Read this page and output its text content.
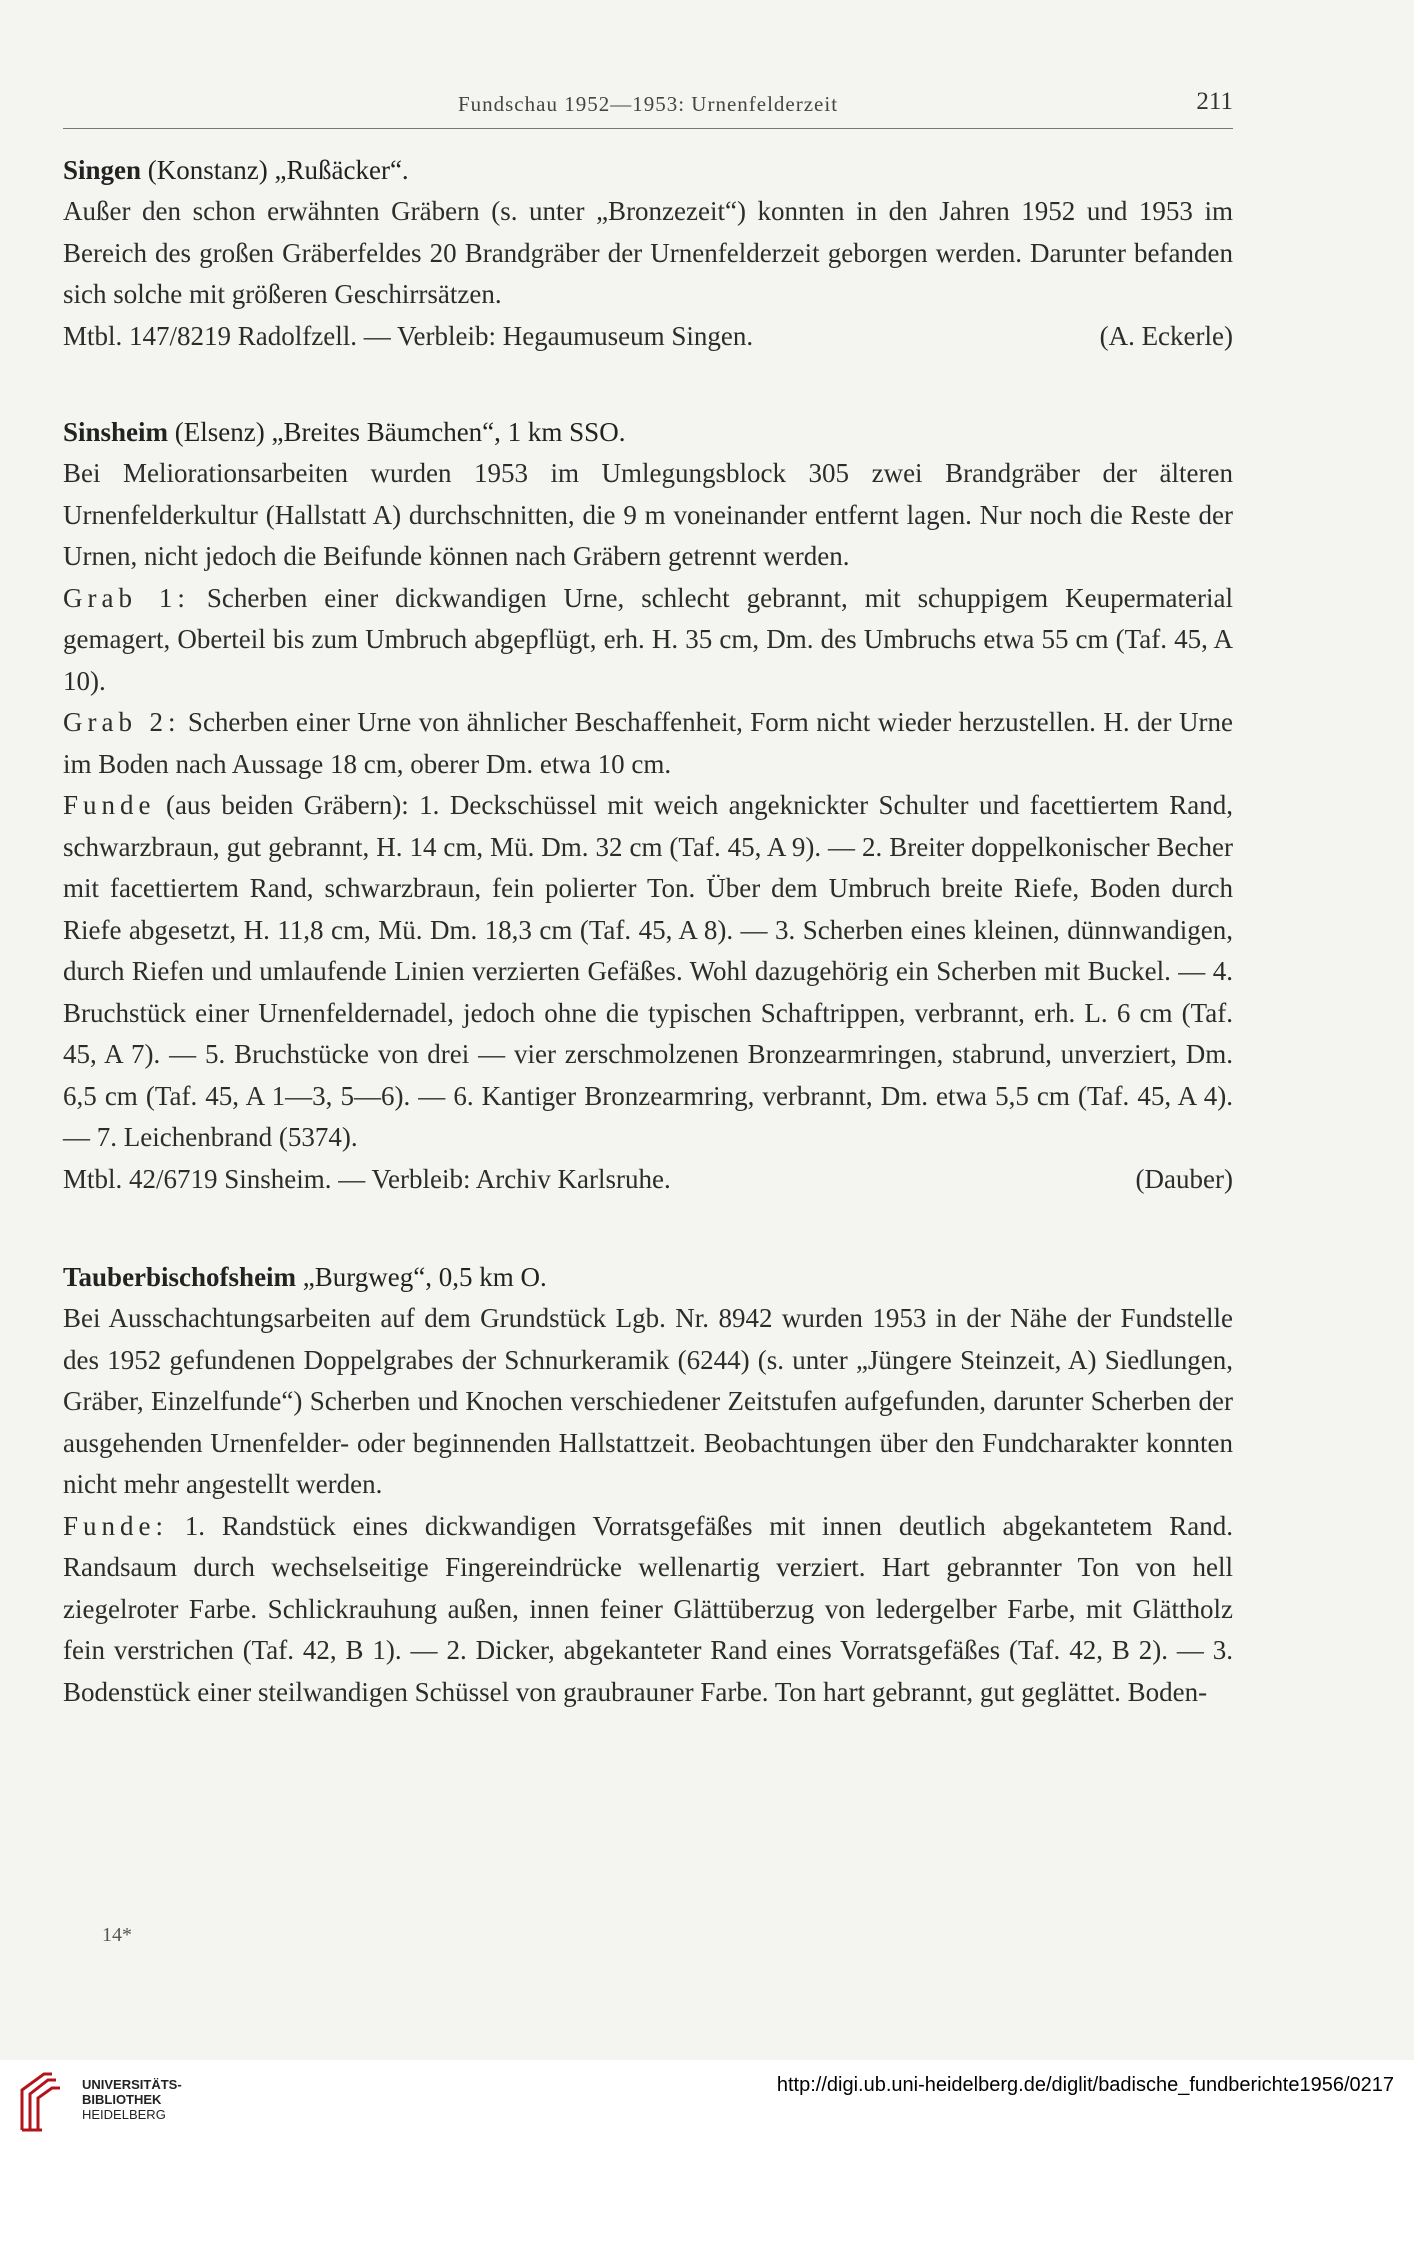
Fundschau 1952—1953: Urnenfelderzeit	211

Singen (Konstanz) „Rußäcker“.

Außer den schon erwähnten Gräbern (s. unter „Bronzezeit“) konnten in den Jahren 1952 und 1953 im Bereich des großen Gräberfeldes 20 Brandgräber der Urnenfelderzeit geborgen werden. Darunter befanden sich solche mit größeren Geschirrsätzen.

Mtbl. 147/8219 Radolfzell. — Verbleib: Hegaumuseum Singen.	(A. Eckerle)

Sinsheim (Elsenz) „Breites Bäumchen“, 1 km SSO.

Bei Meliorationsarbeiten wurden 1953 im Umlegungsblock 305 zwei Brandgräber der älteren Urnenfelderkultur (Hallstatt A) durchschnitten, die 9 m voneinander entfernt lagen. Nur noch die Reste der Urnen, nicht jedoch die Beifunde können nach Gräbern getrennt werden.

Grab 1: Scherben einer dickwandigen Urne, schlecht gebrannt, mit schuppigem Keupermaterial gemagert, Oberteil bis zum Umbruch abgepflügt, erh. H. 35 cm, Dm. des Umbruchs etwa 55 cm (Taf. 45, A 10).

Grab 2: Scherben einer Urne von ähnlicher Beschaffenheit, Form nicht wieder herzustellen. H. der Urne im Boden nach Aussage 18 cm, oberer Dm. etwa 10 cm.

Funde (aus beiden Gräbern): 1. Deckschüssel mit weich angeknickter Schulter und facettiertem Rand, schwarzbraun, gut gebrannt, H. 14 cm, Mü. Dm. 32 cm (Taf. 45, A 9). — 2. Breiter doppelkonischer Becher mit facettiertem Rand, schwarzbraun, fein polierter Ton. Über dem Umbruch breite Riefe, Boden durch Riefe abgesetzt, H. 11,8 cm, Mü. Dm. 18,3 cm (Taf. 45, A 8). — 3. Scherben eines kleinen, dünnwandigen, durch Riefen und umlaufende Linien verzierten Gefäßes. Wohl dazugehörig ein Scherben mit Buckel. — 4. Bruchstück einer Urnenfeldernadel, jedoch ohne die typischen Schaftrippen, verbrannt, erh. L. 6 cm (Taf. 45, A 7). — 5. Bruchstücke von drei — vier zerschmolzenen Bronzearmringen, stabrund, unverziert, Dm. 6,5 cm (Taf. 45, A 1—3, 5—6). — 6. Kantiger Bronzearmring, verbrannt, Dm. etwa 5,5 cm (Taf. 45, A 4). — 7. Leichenbrand (5374).

Mtbl. 42/6719 Sinsheim. — Verbleib: Archiv Karlsruhe.	(Dauber)

Tauberbischofsheim „Burgweg“, 0,5 km O.

Bei Ausschachtungsarbeiten auf dem Grundstück Lgb. Nr. 8942 wurden 1953 in der Nähe der Fundstelle des 1952 gefundenen Doppelgrabes der Schnurkeramik (6244) (s. unter „Jüngere Steinzeit, A) Siedlungen, Gräber, Einzelfunde“) Scherben und Knochen verschiedener Zeitstufen aufgefunden, darunter Scherben der ausgehenden Urnenfelder- oder beginnenden Hallstattzeit. Beobachtungen über den Fundcharakter konnten nicht mehr angestellt werden.

Funde: 1. Randstück eines dickwandigen Vorratsgefäßes mit innen deutlich abgekantetem Rand. Randsaum durch wechselseitige Fingereindrücke wellenartig verziert. Hart gebrannter Ton von hell ziegelroter Farbe. Schlickrauhung außen, innen feiner Glättüberzug von ledergelber Farbe, mit Glättholz fein verstrichen (Taf. 42, B 1). — 2. Dicker, abgekanteter Rand eines Vorratsgefäßes (Taf. 42, B 2). — 3. Bodenstück einer steilwandigen Schüssel von graubrauner Farbe. Ton hart gebrannt, gut geglättet. Boden-

14*
UNIVERSITÄTS-
BIBLIOTHEK
HEIDELBERG
http://digi.ub.uni-heidelberg.de/diglit/badische_fundberichte1956/0217
